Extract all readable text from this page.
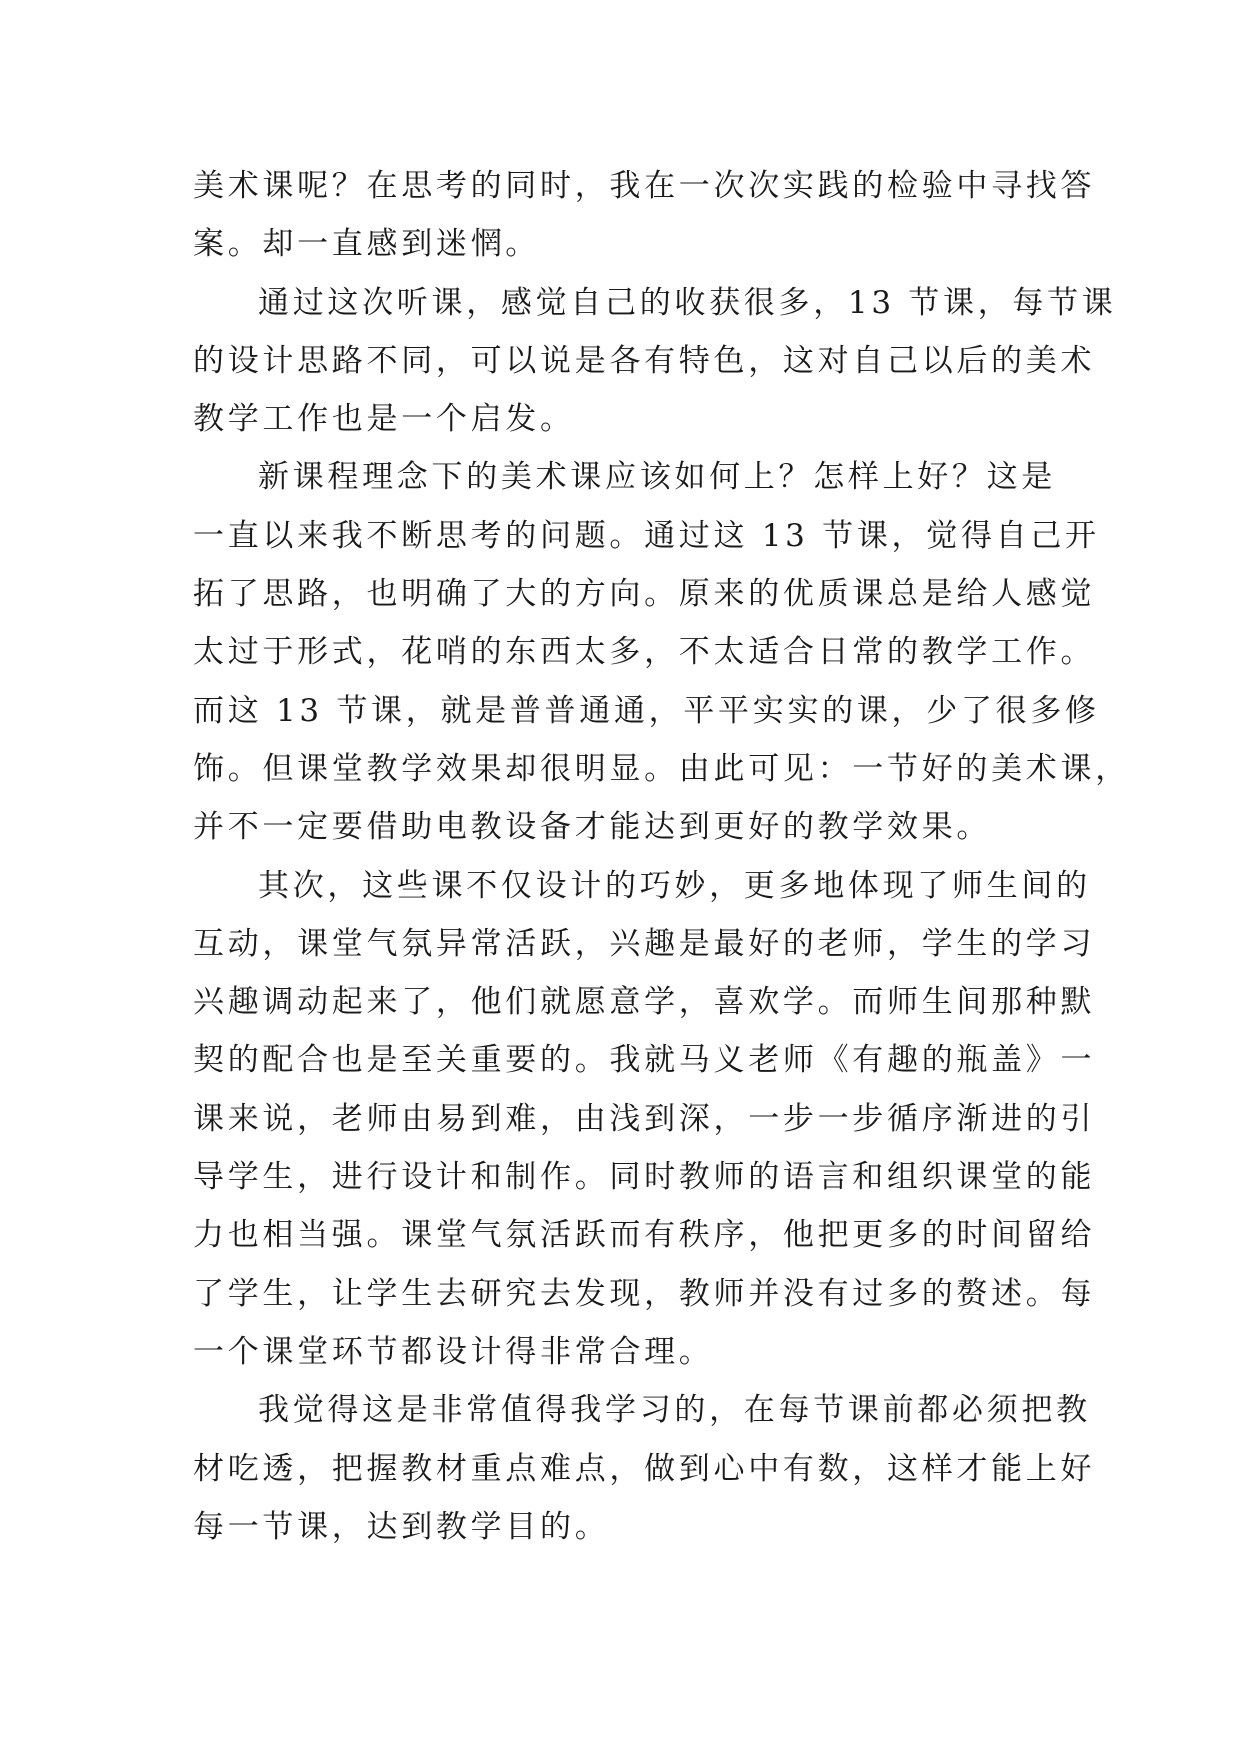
美术课呢？在思考的同时，我在一次次实践的检验中寻找答
案。却一直感到迷惘。
通过这次听课，感觉自己的收获很多，13 节课，每节课
的设计思路不同，可以说是各有特色，这对自己以后的美术
教学工作也是一个启发。
新课程理念下的美术课应该如何上？怎样上好？这是
一直以来我不断思考的问题。通过这 13 节课，觉得自己开
拓了思路，也明确了大的方向。原来的优质课总是给人感觉
太过于形式，花哨的东西太多，不太适合日常的教学工作。
而这 13 节课，就是普普通通，平平实实的课，少了很多修
饰。但课堂教学效果却很明显。由此可见：一节好的美术课，
并不一定要借助电教设备才能达到更好的教学效果。
其次，这些课不仅设计的巧妙，更多地体现了师生间的
互动，课堂气氛异常活跃，兴趣是最好的老师，学生的学习
兴趣调动起来了，他们就愿意学，喜欢学。而师生间那种默
契的配合也是至关重要的。我就马义老师《有趣的瓶盖》一
课来说，老师由易到难，由浅到深，一步一步循序渐进的引
导学生，进行设计和制作。同时教师的语言和组织课堂的能
力也相当强。课堂气氛活跃而有秩序，他把更多的时间留给
了学生，让学生去研究去发现，教师并没有过多的赘述。每
一个课堂环节都设计得非常合理。
我觉得这是非常值得我学习的，在每节课前都必须把教
材吃透，把握教材重点难点，做到心中有数，这样才能上好
每一节课，达到教学目的。
